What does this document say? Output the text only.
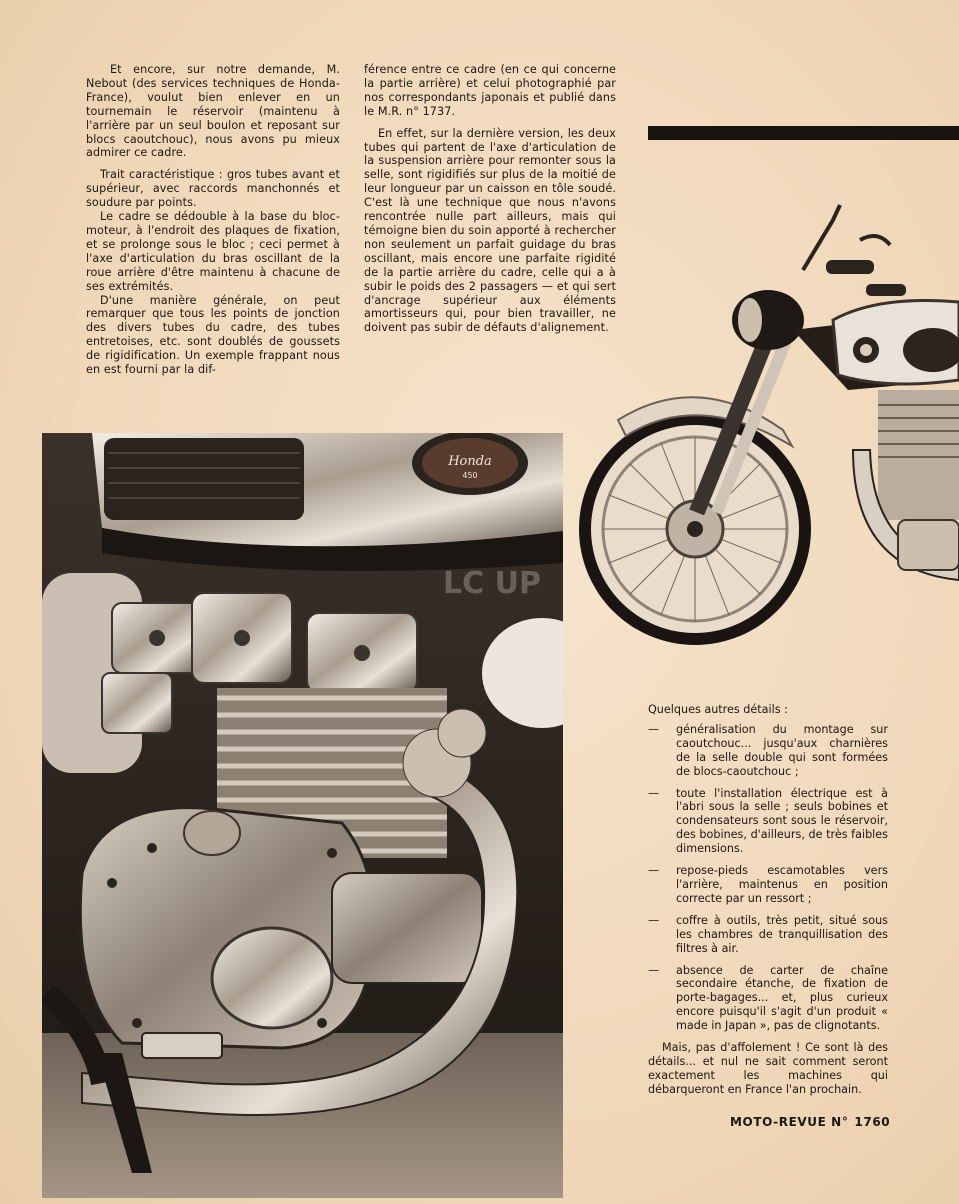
Et encore, sur notre demande, M. Nebout (des services techniques de Honda-France), voulut bien enlever en un tournemain le réservoir (maintenu à l'arrière par un seul boulon et reposant sur blocs caoutchouc), nous avons pu mieux admirer ce cadre.

Trait caractéristique : gros tubes avant et supérieur, avec raccords manchonnés et soudure par points.

Le cadre se dédouble à la base du bloc-moteur, à l'endroit des plaques de fixation, et se prolonge sous le bloc ; ceci permet à l'axe d'articulation du bras oscillant de la roue arrière d'être maintenu à chacune de ses extrémités.

D'une manière générale, on peut remarquer que tous les points de jonction des divers tubes du cadre, des tubes entretoises, etc. sont doublés de goussets de rigidification. Un exemple frappant nous en est fourni par la dif-

férence entre ce cadre (en ce qui concerne la partie arrière) et celui photographié par nos correspondants japonais et publié dans le M.R. n° 1737.

En effet, sur la dernière version, les deux tubes qui partent de l'axe d'articulation de la suspension arrière pour remonter sous la selle, sont rigidifiés sur plus de la moitié de leur longueur par un caisson en tôle soudé. C'est là une technique que nous n'avons rencontrée nulle part ailleurs, mais qui témoigne bien du soin apporté à rechercher non seulement un parfait guidage du bras oscillant, mais encore une parfaite rigidité de la partie arrière du cadre, celle qui a à subir le poids des 2 passagers — et qui sert d'ancrage supérieur aux éléments amortisseurs qui, pour bien travailler, ne doivent pas subir de défauts d'alignement.

Honda
450
LC UP

Quelques autres détails :

— généralisation du montage sur caoutchouc... jusqu'aux charnières de la selle double qui sont formées de blocs-caoutchouc ;
— toute l'installation électrique est à l'abri sous la selle ; seuls bobines et condensateurs sont sous le réservoir, des bobines, d'ailleurs, de très faibles dimensions.
— repose-pieds escamotables vers l'arrière, maintenus en position correcte par un ressort ;
— coffre à outils, très petit, situé sous les chambres de tranquillisation des filtres à air.
— absence de carter de chaîne secondaire étanche, de fixation de porte-bagages... et, plus curieux encore puisqu'il s'agit d'un produit « made in Japan », pas de clignotants.

Mais, pas d'affolement ! Ce sont là des détails... et nul ne sait comment seront exactement les machines qui débarqueront en France l'an prochain.

MOTO-REVUE N° 1760
